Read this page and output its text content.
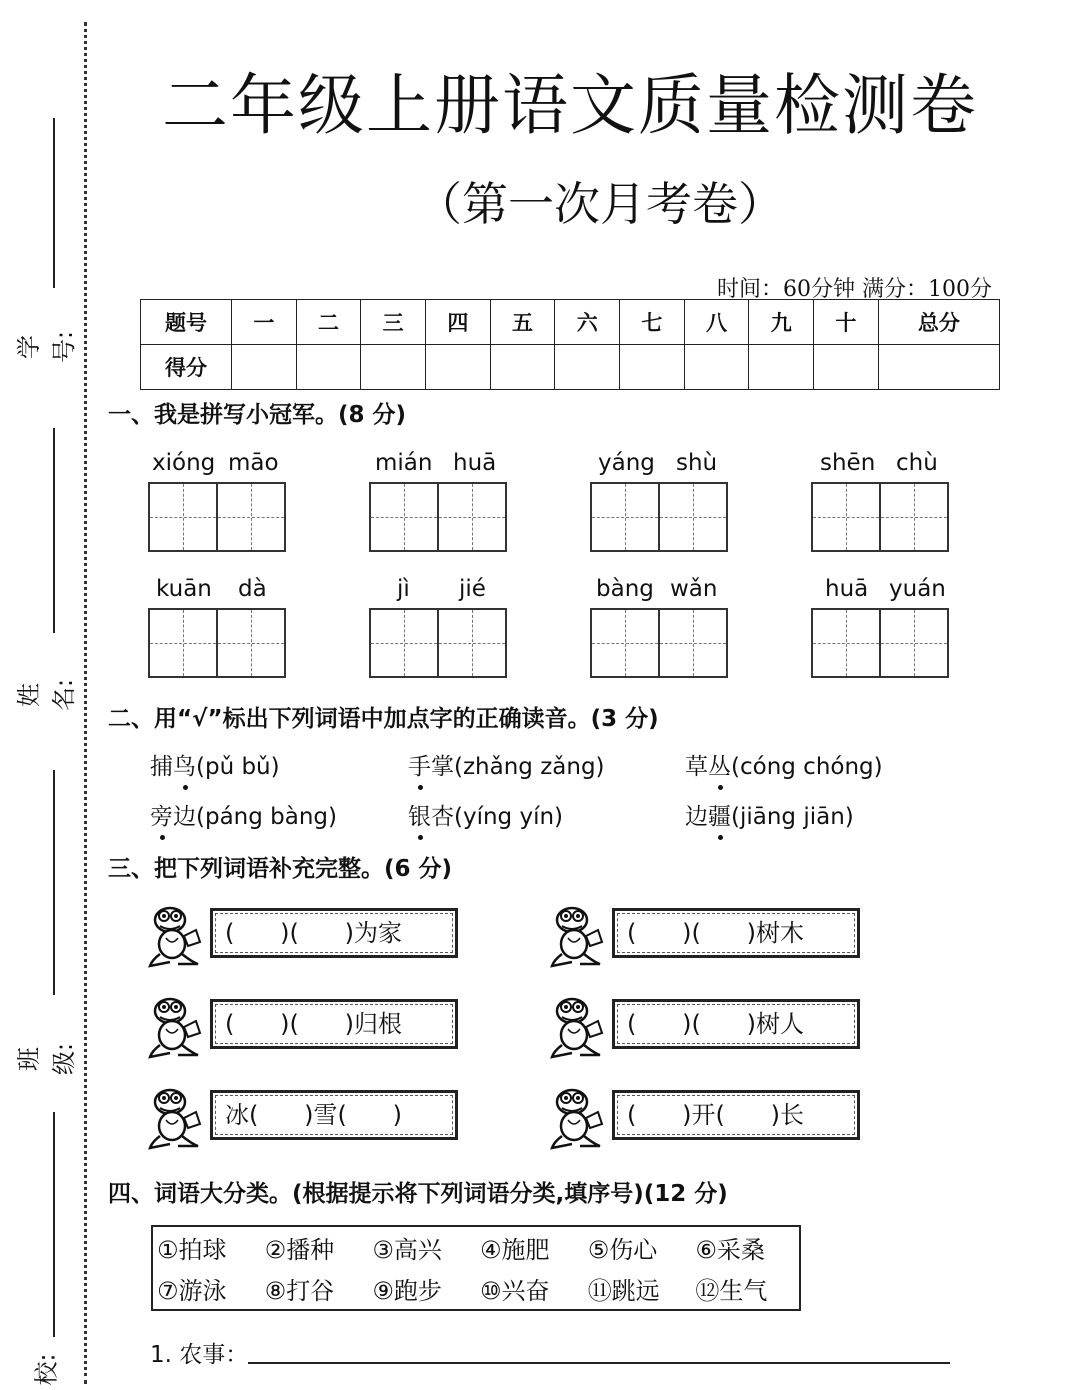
学号:
姓名:
班级:
校:
二年级上册语文质量检测卷
（第一次月考卷）
时间：60分钟 满分：100分
题号	一	二	三	四	五	六	七	八	九	十	总分
得分											
一、我是拼写小冠军。(8 分)
xióng māo	mián huā	yáng shù	shēn chù
kuān dà	jì jié	bàng wǎn	huā yuán
二、用“√”标出下列词语中加点字的正确读音。(3 分)
捕鸟(pǔ bǔ)	手掌(zhǎng zǎng)	草丛(cóng chóng)
旁边(páng bàng)	银杏(yíng yín)	边疆(jiāng jiān)
三、把下列词语补充完整。(6 分)
(      )(      )为家	(      )(      )树木
(      )(      )归根	(      )(      )树人
冰(      )雪(      )	(      )开(      )长
四、词语大分类。(根据提示将下列词语分类,填序号)(12 分)
①拍球	②播种	③高兴	④施肥	⑤伤心	⑥采桑
⑦游泳	⑧打谷	⑨跑步	⑩兴奋	⑪跳远	⑫生气
1. 农事：
